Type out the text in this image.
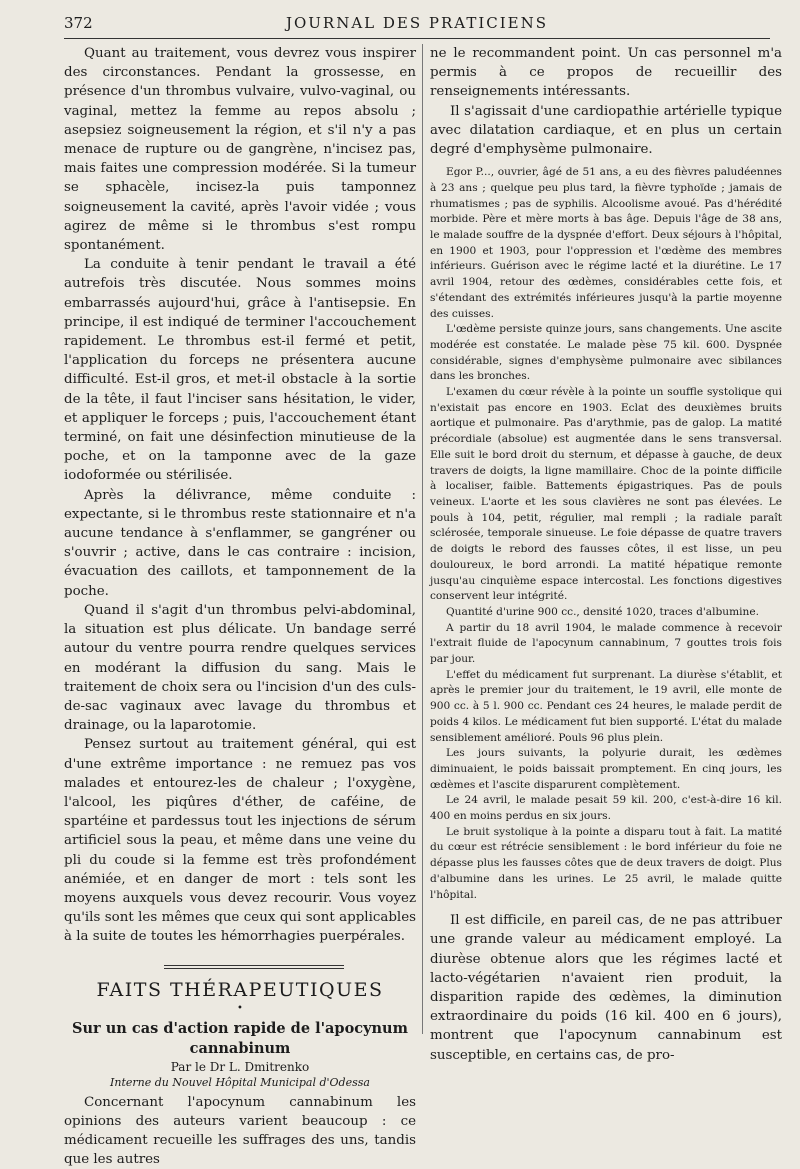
372	JOURNAL DES PRATICIENS

Quant au traitement, vous devrez vous inspirer des circonstances. Pendant la grossesse, en présence d'un thrombus vulvaire, vulvo-vaginal, ou vaginal, mettez la femme au repos absolu ; asepsiez soigneusement la région, et s'il n'y a pas menace de rupture ou de gangrène, n'incisez pas, mais faites une compression modérée. Si la tumeur se sphacèle, incisez-la puis tamponnez soigneusement la cavité, après l'avoir vidée ; vous agirez de même si le thrombus s'est rompu spontanément.

La conduite à tenir pendant le travail a été autrefois très discutée. Nous sommes moins embarrassés aujourd'hui, grâce à l'antisepsie. En principe, il est indiqué de terminer l'accouchement rapidement. Le thrombus est-il fermé et petit, l'application du forceps ne présentera aucune difficulté. Est-il gros, et met-il obstacle à la sortie de la tête, il faut l'inciser sans hésitation, le vider, et appliquer le forceps ; puis, l'accouchement étant terminé, on fait une désinfection minutieuse de la poche, et on la tamponne avec de la gaze iodoformée ou stérilisée.

Après la délivrance, même conduite : expectante, si le thrombus reste stationnaire et n'a aucune tendance à s'enflammer, se gangréner ou s'ouvrir ; active, dans le cas contraire : incision, évacuation des caillots, et tamponnement de la poche.

Quand il s'agit d'un thrombus pelvi-abdominal, la situation est plus délicate. Un bandage serré autour du ventre pourra rendre quelques services en modérant la diffusion du sang. Mais le traitement de choix sera ou l'incision d'un des culs-de-sac vaginaux avec lavage du thrombus et drainage, ou la laparotomie.

Pensez surtout au traitement général, qui est d'une extrême importance : ne remuez pas vos malades et entourez-les de chaleur ; l'oxygène, l'alcool, les piqûres d'éther, de caféine, de spartéine et pardessus tout les injections de sérum artificiel sous la peau, et même dans une veine du pli du coude si la femme est très profondément anémiée, et en danger de mort : tels sont les moyens auxquels vous devez recourir. Vous voyez qu'ils sont les mêmes que ceux qui sont applicables à la suite de toutes les hémorrhagies puerpérales.

FAITS THÉRAPEUTIQUES

•

Sur un cas d'action rapide de l'apocynum cannabinum

Par le Dr L. Dmitrenko

Interne du Nouvel Hôpital Municipal d'Odessa

Concernant l'apocynum cannabinum les opinions des auteurs varient beaucoup : ce médicament recueille les suffrages des uns, tandis que les autres

ne le recommandent point. Un cas personnel m'a permis à ce propos de recueillir des renseignements intéressants.

Il s'agissait d'une cardiopathie artérielle typique avec dilatation cardiaque, et en plus un certain degré d'emphysème pulmonaire.

Egor P..., ouvrier, âgé de 51 ans, a eu des fièvres paludéennes à 23 ans ; quelque peu plus tard, la fièvre typhoïde ; jamais de rhumatismes ; pas de syphilis. Alcoolisme avoué. Pas d'hérédité morbide. Père et mère morts à bas âge. Depuis l'âge de 38 ans, le malade souffre de la dyspnée d'effort. Deux séjours à l'hôpital, en 1900 et 1903, pour l'oppression et l'œdème des membres inférieurs. Guérison avec le régime lacté et la diurétine. Le 17 avril 1904, retour des œdèmes, considérables cette fois, et s'étendant des extrémités inférieures jusqu'à la partie moyenne des cuisses.

L'œdème persiste quinze jours, sans changements. Une ascite modérée est constatée. Le malade pèse 75 kil. 600. Dyspnée considérable, signes d'emphysème pulmonaire avec sibilances dans les bronches.

L'examen du cœur révèle à la pointe un souffle systolique qui n'existait pas encore en 1903. Eclat des deuxièmes bruits aortique et pulmonaire. Pas d'arythmie, pas de galop. La matité précordiale (absolue) est augmentée dans le sens transversal. Elle suit le bord droit du sternum, et dépasse à gauche, de deux travers de doigts, la ligne mamillaire. Choc de la pointe difficile à localiser, faible. Battements épigastriques. Pas de pouls veineux. L'aorte et les sous clavières ne sont pas élevées. Le pouls à 104, petit, régulier, mal rempli ; la radiale paraît sclérosée, temporale sinueuse. Le foie dépasse de quatre travers de doigts le rebord des fausses côtes, il est lisse, un peu douloureux, le bord arrondi. La matité hépatique remonte jusqu'au cinquième espace intercostal. Les fonctions digestives conservent leur intégrité.

Quantité d'urine 900 cc., densité 1020, traces d'albumine.

A partir du 18 avril 1904, le malade commence à recevoir l'extrait fluide de l'apocynum cannabinum, 7 gouttes trois fois par jour.

L'effet du médicament fut surprenant. La diurèse s'établit, et après le premier jour du traitement, le 19 avril, elle monte de 900 cc. à 5 l. 900 cc. Pendant ces 24 heures, le malade perdit de poids 4 kilos. Le médicament fut bien supporté. L'état du malade sensiblement amélioré. Pouls 96 plus plein.

Les jours suivants, la polyurie durait, les œdèmes diminuaient, le poids baissait promptement. En cinq jours, les œdèmes et l'ascite disparurent complètement.

Le 24 avril, le malade pesait 59 kil. 200, c'est-à-dire 16 kil. 400 en moins perdus en six jours.

Le bruit systolique à la pointe a disparu tout à fait. La matité du cœur est rétrécie sensiblement : le bord inférieur du foie ne dépasse plus les fausses côtes que de deux travers de doigt. Plus d'albumine dans les urines. Le 25 avril, le malade quitte l'hôpital.

Il est difficile, en pareil cas, de ne pas attribuer une grande valeur au médicament employé. La diurèse obtenue alors que les régimes lacté et lacto-végétarien n'avaient rien produit, la disparition rapide des œdèmes, la diminution extraordinaire du poids (16 kil. 400 en 6 jours), montrent que l'apocynum cannabinum est susceptible, en certains cas, de pro-
